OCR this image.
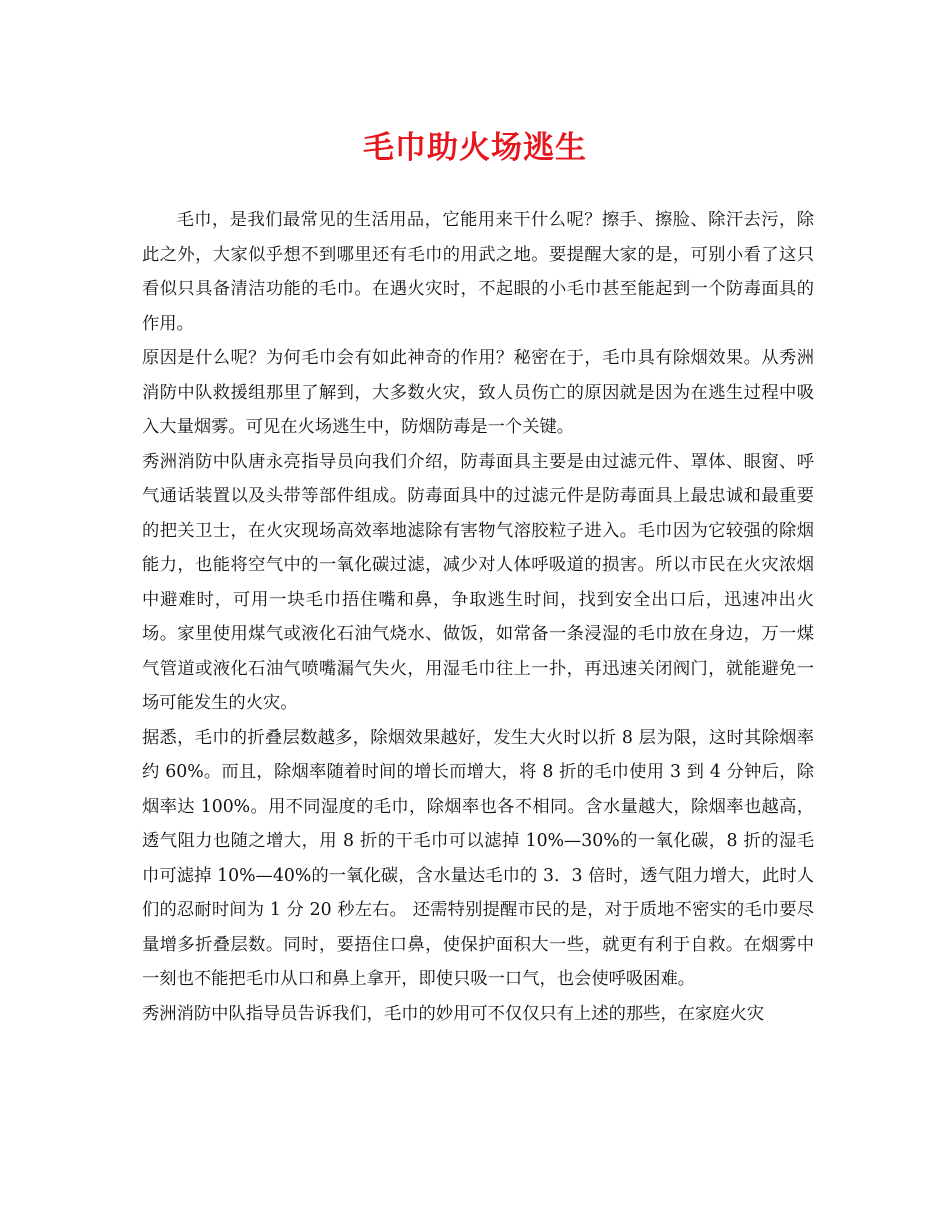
毛巾助火场逃生

毛巾，是我们最常见的生活用品，它能用来干什么呢？擦手、擦脸、除汗去污，除此之外，大家似乎想不到哪里还有毛巾的用武之地。要提醒大家的是，可别小看了这只看似只具备清洁功能的毛巾。在遇火灾时，不起眼的小毛巾甚至能起到一个防毒面具的作用。

原因是什么呢？为何毛巾会有如此神奇的作用？秘密在于，毛巾具有除烟效果。从秀洲消防中队救援组那里了解到，大多数火灾，致人员伤亡的原因就是因为在逃生过程中吸入大量烟雾。可见在火场逃生中，防烟防毒是一个关键。

秀洲消防中队唐永亮指导员向我们介绍，防毒面具主要是由过滤元件、罩体、眼窗、呼气通话装置以及头带等部件组成。防毒面具中的过滤元件是防毒面具上最忠诚和最重要的把关卫士，在火灾现场高效率地滤除有害物气溶胶粒子进入。毛巾因为它较强的除烟能力，也能将空气中的一氧化碳过滤，减少对人体呼吸道的损害。所以市民在火灾浓烟中避难时，可用一块毛巾捂住嘴和鼻，争取逃生时间，找到安全出口后，迅速冲出火场。家里使用煤气或液化石油气烧水、做饭，如常备一条浸湿的毛巾放在身边，万一煤气管道或液化石油气喷嘴漏气失火，用湿毛巾往上一扑，再迅速关闭阀门，就能避免一场可能发生的火灾。

据悉，毛巾的折叠层数越多，除烟效果越好，发生大火时以折 8 层为限，这时其除烟率约 60%。而且，除烟率随着时间的增长而增大，将 8 折的毛巾使用 3 到 4 分钟后，除烟率达 100%。用不同湿度的毛巾，除烟率也各不相同。含水量越大，除烟率也越高，透气阻力也随之增大，用 8 折的干毛巾可以滤掉 10%—30%的一氧化碳，8 折的湿毛巾可滤掉 10%—40%的一氧化碳，含水量达毛巾的 3．3 倍时，透气阻力增大，此时人们的忍耐时间为 1 分 20 秒左右。 还需特别提醒市民的是，对于质地不密实的毛巾要尽量增多折叠层数。同时，要捂住口鼻，使保护面积大一些，就更有利于自救。在烟雾中一刻也不能把毛巾从口和鼻上拿开，即使只吸一口气，也会使呼吸困难。

秀洲消防中队指导员告诉我们，毛巾的妙用可不仅仅只有上述的那些，在家庭火灾
